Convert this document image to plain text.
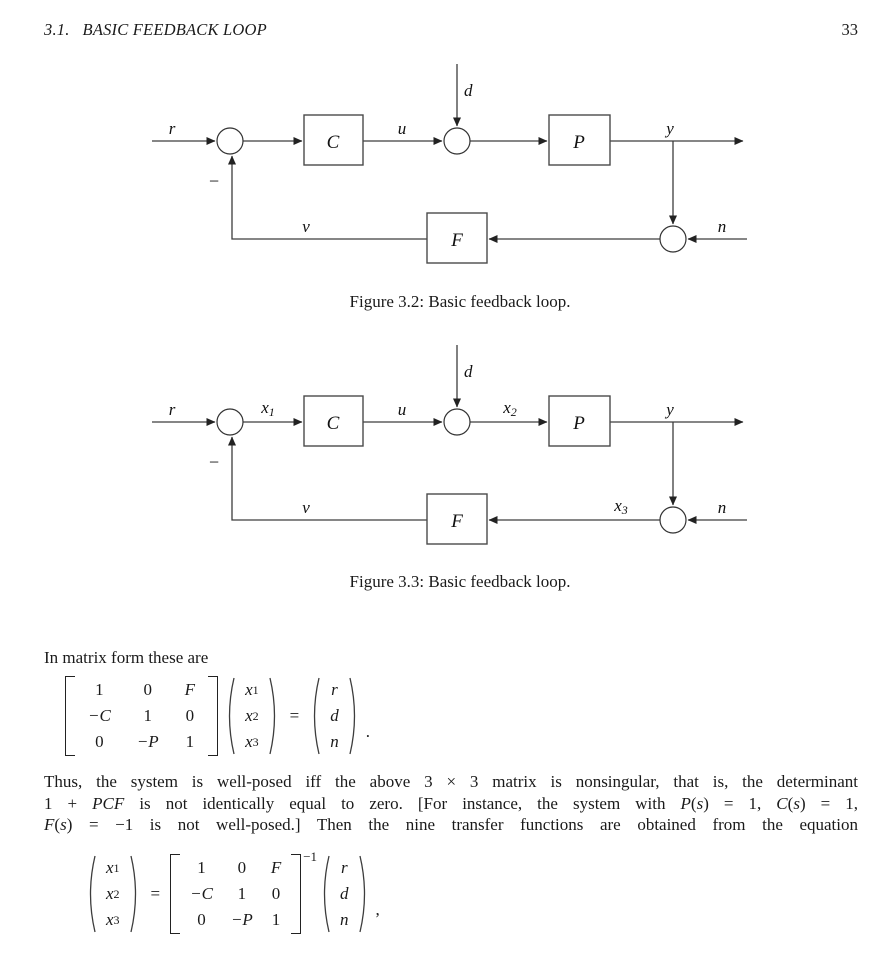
3.1. BASIC FEEDBACK LOOP	33
C	P
F
r	u
d
y
n
v
−
Figure 3.2: Basic feedback loop.
C	P
F
r	x1	u
d
x2	y
x3	n
v
−
Figure 3.3: Basic feedback loop.
In matrix form these are
1 0 F
−C 1 0
0 −P 1
x 1
x 2
x 3
=
r
d
n
.
Thus, the system is well-posed iff the above 3 × 3 matrix is nonsingular, that is, the determinant
1 + PCF is not identically equal to zero. [For instance, the system with P(s) = 1, C(s) = 1,
F(s) = −1 is not well-posed.] Then the nine transfer functions are obtained from the equation
x 1
x 2
x 3
=
1 0 F
−C 1 0
0 −P 1
−1
r
d
n
,
